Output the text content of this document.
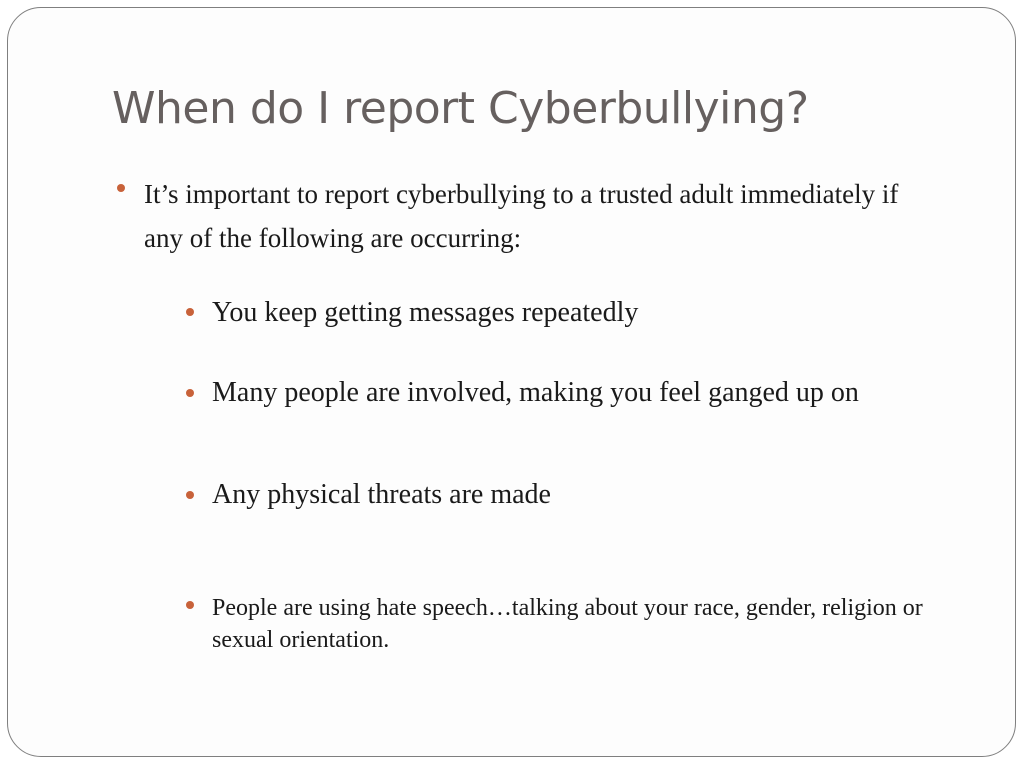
When do I report Cyberbullying?

It’s important to report cyberbullying to a trusted adult immediately if any of the following are occurring:

You keep getting messages repeatedly

Many people are involved, making you feel ganged up on

Any physical threats are made

People are using hate speech…talking about your race, gender, religion or sexual orientation.
